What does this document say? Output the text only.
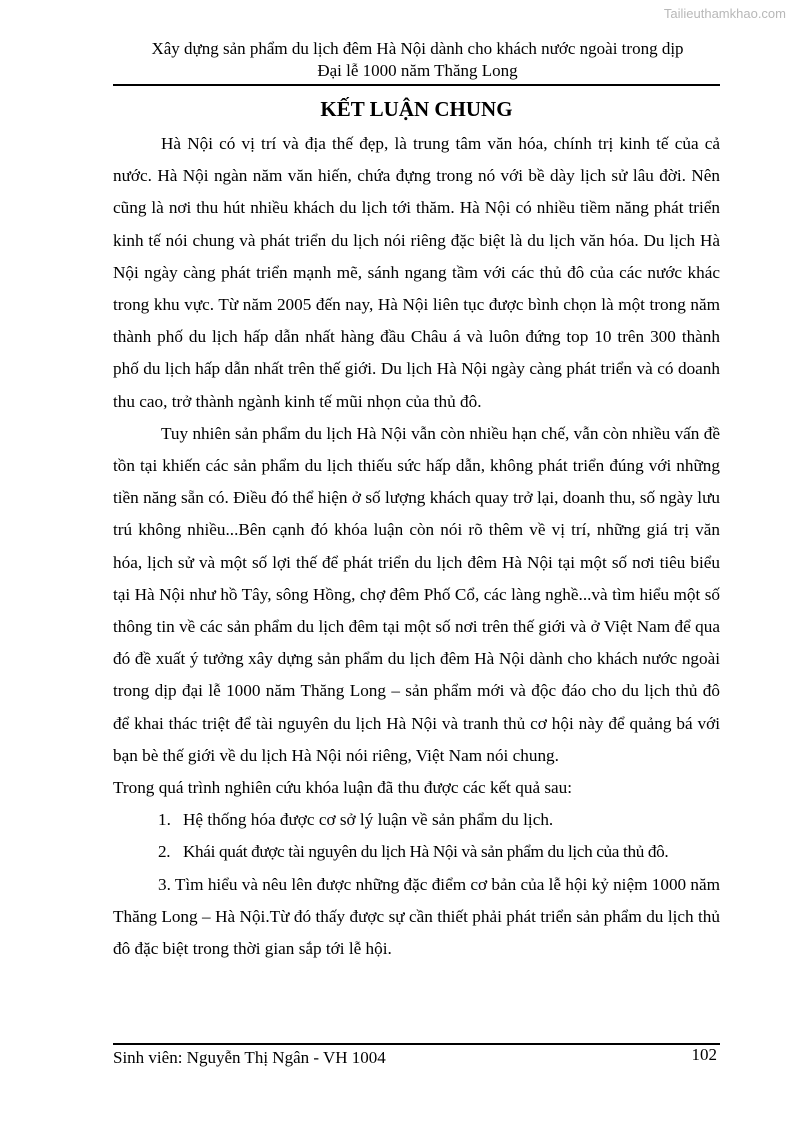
Tailieuthamkhao.com
Xây dựng sản phẩm du lịch đêm Hà Nội dành cho khách nước ngoài trong dịp
Đại lễ 1000 năm Thăng Long
KẾT LUẬN CHUNG

Hà Nội có vị trí và địa thế đẹp, là trung tâm văn hóa, chính trị kinh tế của cả nước. Hà Nội ngàn năm văn hiến, chứa đựng trong nó với bề dày lịch sử lâu đời. Nên cũng là nơi thu hút nhiều khách du lịch tới thăm. Hà Nội có nhiều tiềm năng phát triển kinh tế nói chung và phát triển du lịch nói riêng đặc biệt là du lịch văn hóa. Du lịch Hà Nội ngày càng phát triển mạnh mẽ, sánh ngang tầm với các thủ đô của các nước khác trong khu vực. Từ năm 2005 đến nay, Hà Nội liên tục được bình chọn là một trong năm thành phố du lịch hấp dẫn nhất hàng đầu Châu á và luôn đứng top 10 trên 300 thành phố du lịch hấp dẫn nhất trên thế giới. Du lịch Hà Nội ngày càng phát triển và có doanh thu cao, trở thành ngành kinh tế mũi nhọn của thủ đô.

Tuy nhiên sản phẩm du lịch Hà Nội vẫn còn nhiều hạn chế, vẫn còn nhiều vấn đề tồn tại khiến các sản phẩm du lịch thiếu sức hấp dẫn, không phát triển đúng với những tiền năng sẵn có. Điều đó thể hiện ở số lượng khách quay trở lại, doanh thu, số ngày lưu trú không nhiều...Bên cạnh đó khóa luận còn nói rõ thêm về vị trí, những giá trị văn hóa, lịch sử và một số lợi thế để phát triển du lịch đêm Hà Nội tại một số nơi tiêu biểu tại Hà Nội như hồ Tây, sông Hồng, chợ đêm Phố Cổ, các làng nghề...và tìm hiểu một số thông tin về các sản phẩm du lịch đêm tại một số nơi trên thế giới và ở Việt Nam để qua đó đề xuất ý tưởng xây dựng sản phẩm du lịch đêm Hà Nội dành cho khách nước ngoài trong dịp đại lễ 1000 năm Thăng Long – sản phẩm mới và độc đáo cho du lịch thủ đô để khai thác triệt để tài nguyên du lịch Hà Nội và tranh thủ cơ hội này để quảng bá với bạn bè thế giới về du lịch Hà Nội nói riêng, Việt Nam nói chung.

Trong quá trình nghiên cứu khóa luận đã thu được các kết quả sau:

1. Hệ thống hóa được cơ sở lý luận về sản phẩm du lịch.

2. Khái quát được tài nguyên du lịch Hà Nội và sản phẩm du lịch của thủ đô.

3. Tìm hiểu và nêu lên được những đặc điểm cơ bản của lễ hội kỷ niệm 1000 năm Thăng Long – Hà Nội.Từ đó thấy được sự cần thiết phải phát triển sản phẩm du lịch thủ đô đặc biệt trong thời gian sắp tới lễ hội.

Sinh viên: Nguyễn Thị Ngân - VH 1004	102
